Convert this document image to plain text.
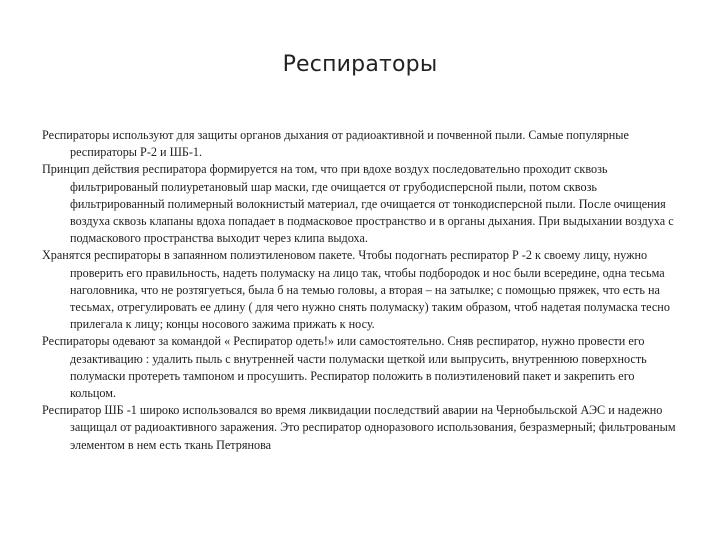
Респираторы

Респираторы используют для защиты органов дыхания от радиоактивной и почвенной пыли. Самые популярные респираторы Р-2 и ШБ-1.

Принцип действия респиратора формируется на том, что при вдохе воздух последовательно проходит сквозь фильтрированый полиуретановый шар маски, где очищается от грубодисперсной пыли, потом сквозь фильтрированный полимерный волокнистый материал, где очищается от тонкодисперсной пыли. После очищения воздуха сквозь клапаны вдоха попадает в подмасковое пространство и в органы дыхания. При выдыхании воздуха с подмаскового пространства выходит через клипа выдоха.

Хранятся респираторы в запаянном полиэтиленовом пакете. Чтобы подогнать респиратор Р -2 к своему лицу, нужно проверить его правильность, надеть полумаску на лицо так, чтобы подбородок и нос были всередине, одна тесьма наголовника, что не розтягуеться, была б на темью головы, а вторая – на затылке; с помощью пряжек, что есть на тесьмах, отрегулировать ее длину ( для чего нужно снять полумаску) таким образом, чтоб надетая полумаска тесно прилегала к лицу; концы носового зажима прижать к носу.

Респираторы одевают за командой « Респиратор одеть!» или самостоятельно. Сняв респиратор, нужно провести его дезактивацию : удалить пыль с внутренней части полумаски щеткой или выпрусить, внутреннюю поверхность полумаски протереть тампоном и просушить. Респиратор положить в полиэтиленовий пакет и закрепить его кольцом.

Респиратор ШБ -1 широко использовался во время ликвидации последствий аварии на Чернобыльской АЭС и надежно защищал от радиоактивного заражения. Это респиратор одноразового использования, безразмерный; фильтрованым элементом в нем есть ткань Петрянова
